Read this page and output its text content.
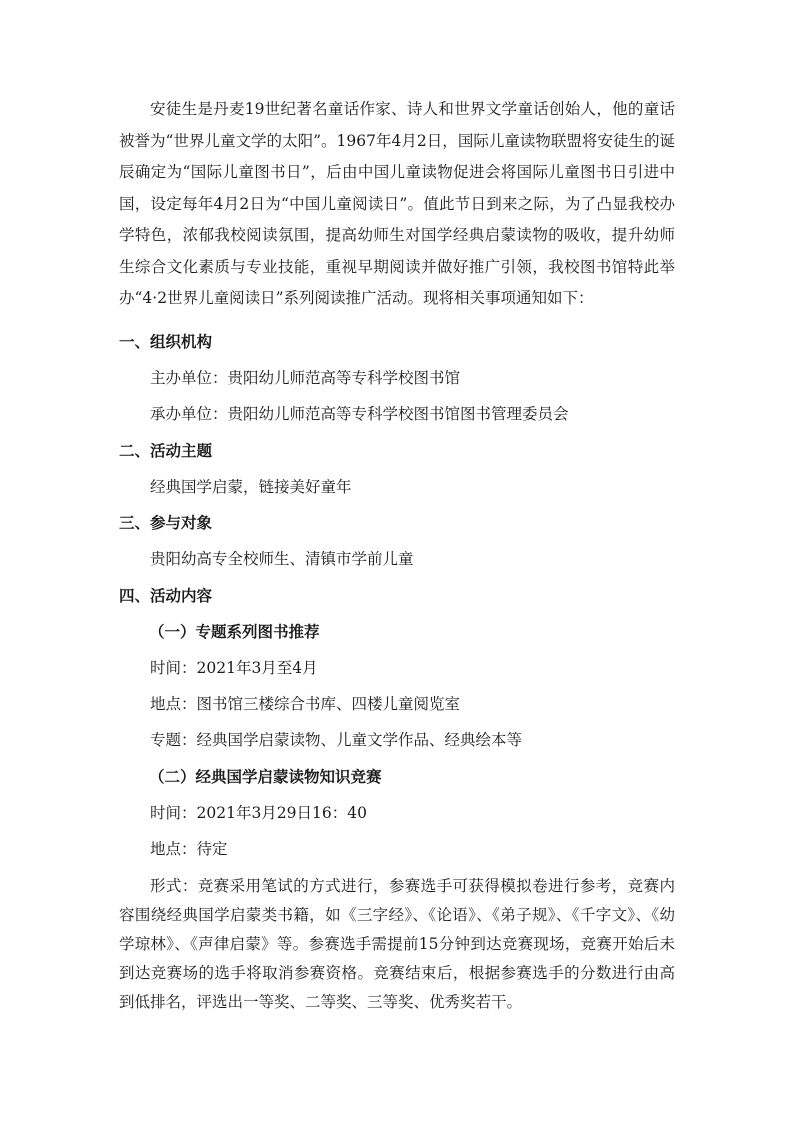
安徒生是丹麦19世纪著名童话作家、诗人和世界文学童话创始人，他的童话被誉为“世界儿童文学的太阳”。1967年4月2日，国际儿童读物联盟将安徒生的诞辰确定为“国际儿童图书日”，后由中国儿童读物促进会将国际儿童图书日引进中国，设定每年4月2日为“中国儿童阅读日”。值此节日到来之际，为了凸显我校办学特色，浓郁我校阅读氛围，提高幼师生对国学经典启蒙读物的吸收，提升幼师生综合文化素质与专业技能，重视早期阅读并做好推广引领，我校图书馆特此举办“4·2世界儿童阅读日”系列阅读推广活动。现将相关事项通知如下：

一、组织机构

主办单位：贵阳幼儿师范高等专科学校图书馆

承办单位：贵阳幼儿师范高等专科学校图书馆图书管理委员会

二、活动主题

经典国学启蒙，链接美好童年

三、参与对象

贵阳幼高专全校师生、清镇市学前儿童

四、活动内容

（一）专题系列图书推荐

时间：2021年3月至4月

地点：图书馆三楼综合书库、四楼儿童阅览室

专题：经典国学启蒙读物、儿童文学作品、经典绘本等

（二）经典国学启蒙读物知识竞赛

时间：2021年3月29日16：40

地点：待定

形式：竞赛采用笔试的方式进行，参赛选手可获得模拟卷进行参考，竞赛内容围绕经典国学启蒙类书籍，如《三字经》、《论语》、《弟子规》、《千字文》、《幼学琼林》、《声律启蒙》等。参赛选手需提前15分钟到达竞赛现场，竞赛开始后未到达竞赛场的选手将取消参赛资格。竞赛结束后，根据参赛选手的分数进行由高到低排名，评选出一等奖、二等奖、三等奖、优秀奖若干。
